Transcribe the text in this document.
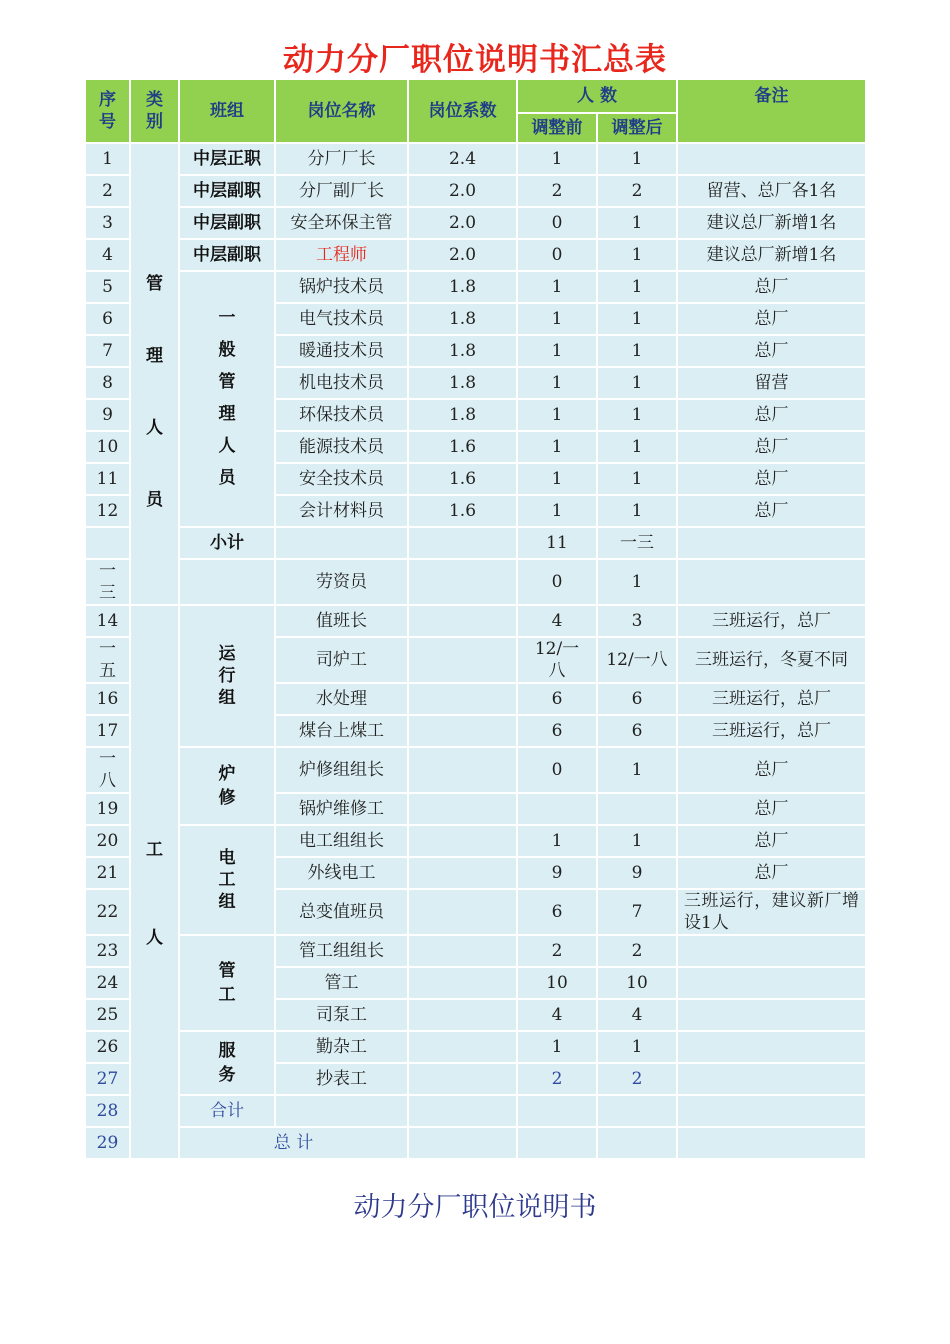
动力分厂职位说明书汇总表
序号	类别	班组	岗位名称	岗位系数	人 数		备注	
					调整前	调整后		
1	管理人员	中层正职	分厂厂长	2.4	1	1		
2		中层副职	分厂副厂长	2.0	2	2	留营、总厂各1名	
3		中层副职	安全环保主管	2.0	0	1	建议总厂新增1名	
4		中层副职	工程师	2.0	0	1	建议总厂新增1名	
5		一般管理人员	锅炉技术员	1.8	1	1	总厂	
6			电气技术员	1.8	1	1	总厂	
7			暖通技术员	1.8	1	1	总厂	
8			机电技术员	1.8	1	1	留营	
9			环保技术员	1.8	1	1	总厂	
10			能源技术员	1.6	1	1	总厂	
11			安全技术员	1.6	1	1	总厂	
12			会计材料员	1.6	1	1	总厂	
		小计			11	一三		
一三			劳资员		0	1		
14	工人	运行组	值班长		4	3	三班运行，总厂	
一五			司炉工		12/一八	12/一八	三班运行，冬夏不同	
16			水处理		6	6	三班运行，总厂	
17			煤台上煤工		6	6	三班运行，总厂	
一八		炉修	炉修组组长		0	1	总厂	
19			锅炉维修工				总厂	
20		电工组	电工组组长		1	1	总厂	
21			外线电工		9	9	总厂	
22			总变值班员		6	7	三班运行，建议新厂增设1人	
23		管工	管工组组长		2	2		
24			管工		10	10		
25			司泵工		4	4		
26		服务	勤杂工		1	1		
27			抄表工		2	2		
28		合计						
29		总 计						
动力分厂职位说明书
